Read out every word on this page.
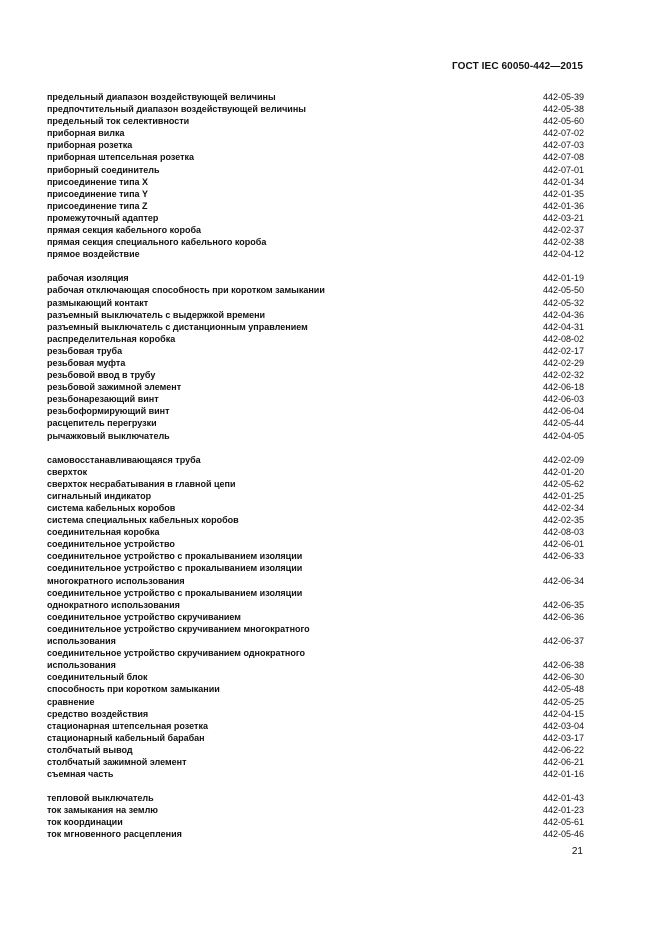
ГОСТ IEC 60050-442—2015
предельный диапазон воздействующей величины	442-05-39
предпочтительный диапазон воздействующей величины	442-05-38
предельный ток селективности	442-05-60
приборная вилка	442-07-02
приборная розетка	442-07-03
приборная штепсельная розетка	442-07-08
приборный соединитель	442-07-01
присоединение типа X	442-01-34
присоединение типа Y	442-01-35
присоединение типа Z	442-01-36
промежуточный адаптер	442-03-21
прямая секция кабельного короба	442-02-37
прямая секция специального кабельного короба	442-02-38
прямое воздействие	442-04-12
рабочая изоляция	442-01-19
рабочая отключающая способность при коротком замыкании	442-05-50
размыкающий контакт	442-05-32
разъемный выключатель с выдержкой времени	442-04-36
разъемный выключатель с дистанционным управлением	442-04-31
распределительная коробка	442-08-02
резьбовая труба	442-02-17
резьбовая муфта	442-02-29
резьбовой ввод в трубу	442-02-32
резьбовой зажимной элемент	442-06-18
резьбонарезающий винт	442-06-03
резьбоформирующий винт	442-06-04
расцепитель перегрузки	442-05-44
рычажковый выключатель	442-04-05
самовосстанавливающаяся труба	442-02-09
сверхток	442-01-20
сверхток несрабатывания в главной цепи	442-05-62
сигнальный индикатор	442-01-25
система кабельных коробов	442-02-34
система специальных кабельных коробов	442-02-35
соединительная коробка	442-08-03
соединительное устройство	442-06-01
соединительное устройство с прокалыванием изоляции	442-06-33
соединительное устройство с прокалыванием изоляции многократного использования	442-06-34
соединительное устройство с прокалыванием изоляции однократного использования	442-06-35
соединительное устройство скручиванием	442-06-36
соединительное устройство скручиванием многократного использования	442-06-37
соединительное устройство скручиванием однократного использования	442-06-38
соединительный блок	442-06-30
способность при коротком замыкании	442-05-48
сравнение	442-05-25
средство воздействия	442-04-15
стационарная штепсельная розетка	442-03-04
стационарный кабельный барабан	442-03-17
столбчатый вывод	442-06-22
столбчатый зажимной элемент	442-06-21
съемная часть	442-01-16
тепловой выключатель	442-01-43
ток замыкания на землю	442-01-23
ток координации	442-05-61
ток мгновенного расцепления	442-05-46
21
